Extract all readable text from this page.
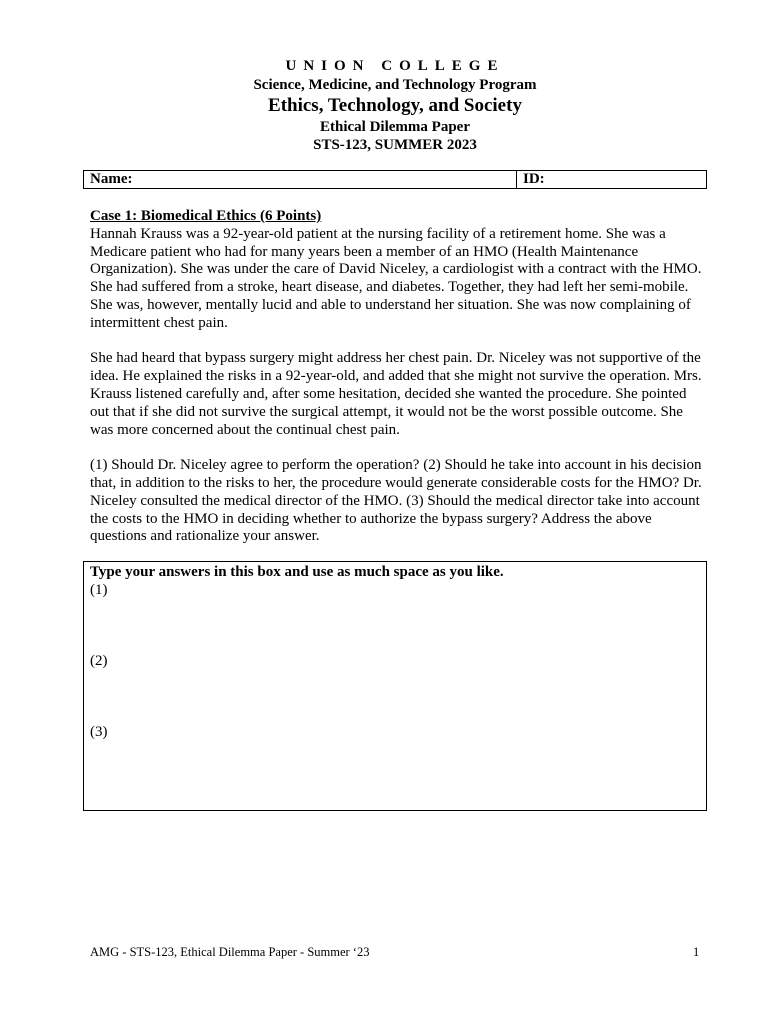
UNION COLLEGE
Science, Medicine, and Technology Program
Ethics, Technology, and Society
Ethical Dilemma Paper
STS-123, SUMMER 2023
Name:	ID:
Case 1: Biomedical Ethics (6 Points)

Hannah Krauss was a 92-year-old patient at the nursing facility of a retirement home. She was a Medicare patient who had for many years been a member of an HMO (Health Maintenance Organization). She was under the care of David Niceley, a cardiologist with a contract with the HMO. She had suffered from a stroke, heart disease, and diabetes. Together, they had left her semi-mobile. She was, however, mentally lucid and able to understand her situation. She was now complaining of intermittent chest pain.

She had heard that bypass surgery might address her chest pain. Dr. Niceley was not supportive of the idea. He explained the risks in a 92-year-old, and added that she might not survive the operation. Mrs. Krauss listened carefully and, after some hesitation, decided she wanted the procedure. She pointed out that if she did not survive the surgical attempt, it would not be the worst possible outcome. She was more concerned about the continual chest pain.

(1) Should Dr. Niceley agree to perform the operation? (2) Should he take into account in his decision that, in addition to the risks to her, the procedure would generate considerable costs for the HMO? Dr. Niceley consulted the medical director of the HMO. (3) Should the medical director take into account the costs to the HMO in deciding whether to authorize the bypass surgery? Address the above questions and rationalize your answer.

Type your answers in this box and use as much space as you like.
(1)
(2)
(3)
AMG - STS-123, Ethical Dilemma Paper - Summer ‘23	1
